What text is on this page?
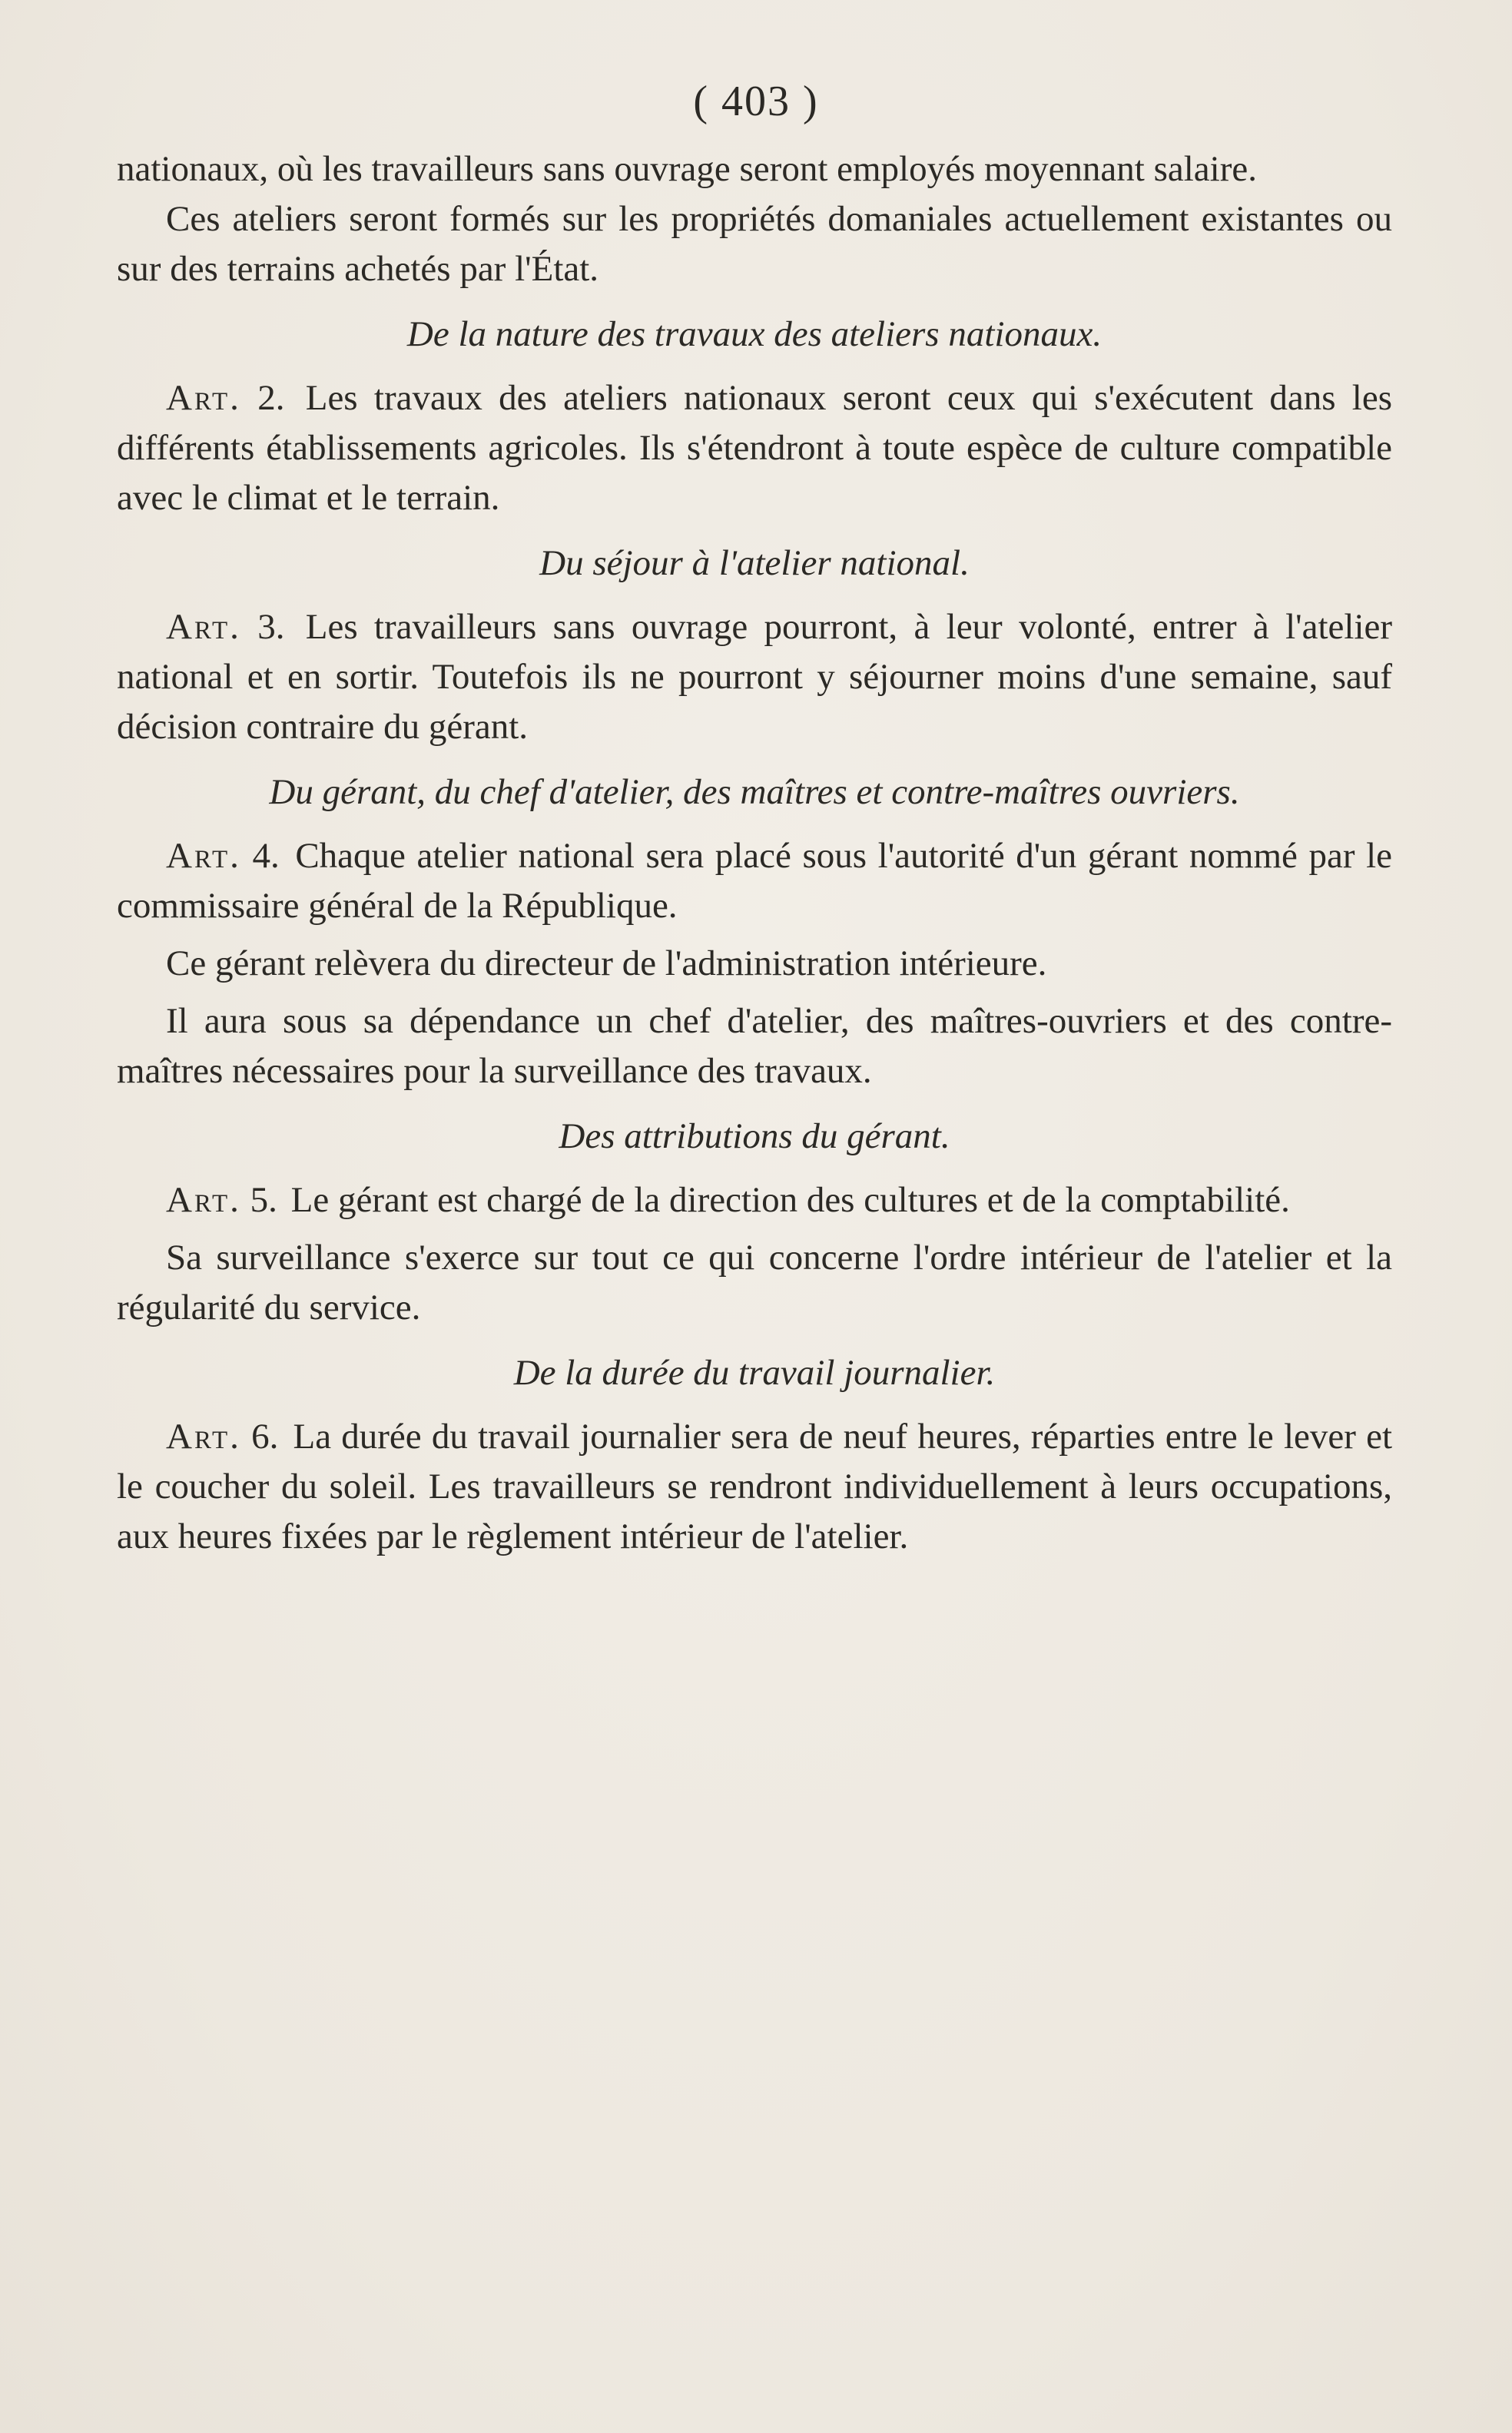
( 403 )

nationaux, où les travailleurs sans ouvrage seront employés moyennant salaire.

Ces ateliers seront formés sur les propriétés domaniales actuellement existantes ou sur des terrains achetés par l'État.

De la nature des travaux des ateliers nationaux.

Art. 2. Les travaux des ateliers nationaux seront ceux qui s'exécutent dans les différents établissements agricoles. Ils s'étendront à toute espèce de culture compatible avec le climat et le terrain.

Du séjour à l'atelier national.

Art. 3. Les travailleurs sans ouvrage pourront, à leur volonté, entrer à l'atelier national et en sortir. Toutefois ils ne pourront y séjourner moins d'une semaine, sauf décision contraire du gérant.

Du gérant, du chef d'atelier, des maîtres et contre-maîtres ouvriers.

Art. 4. Chaque atelier national sera placé sous l'autorité d'un gérant nommé par le commissaire général de la République.

Ce gérant relèvera du directeur de l'administration intérieure.

Il aura sous sa dépendance un chef d'atelier, des maîtres-ouvriers et des contre-maîtres nécessaires pour la surveillance des travaux.

Des attributions du gérant.

Art. 5. Le gérant est chargé de la direction des cultures et de la comptabilité.

Sa surveillance s'exerce sur tout ce qui concerne l'ordre intérieur de l'atelier et la régularité du service.

De la durée du travail journalier.

Art. 6. La durée du travail journalier sera de neuf heures, réparties entre le lever et le coucher du soleil. Les travailleurs se rendront individuellement à leurs occupations, aux heures fixées par le règlement intérieur de l'atelier.
